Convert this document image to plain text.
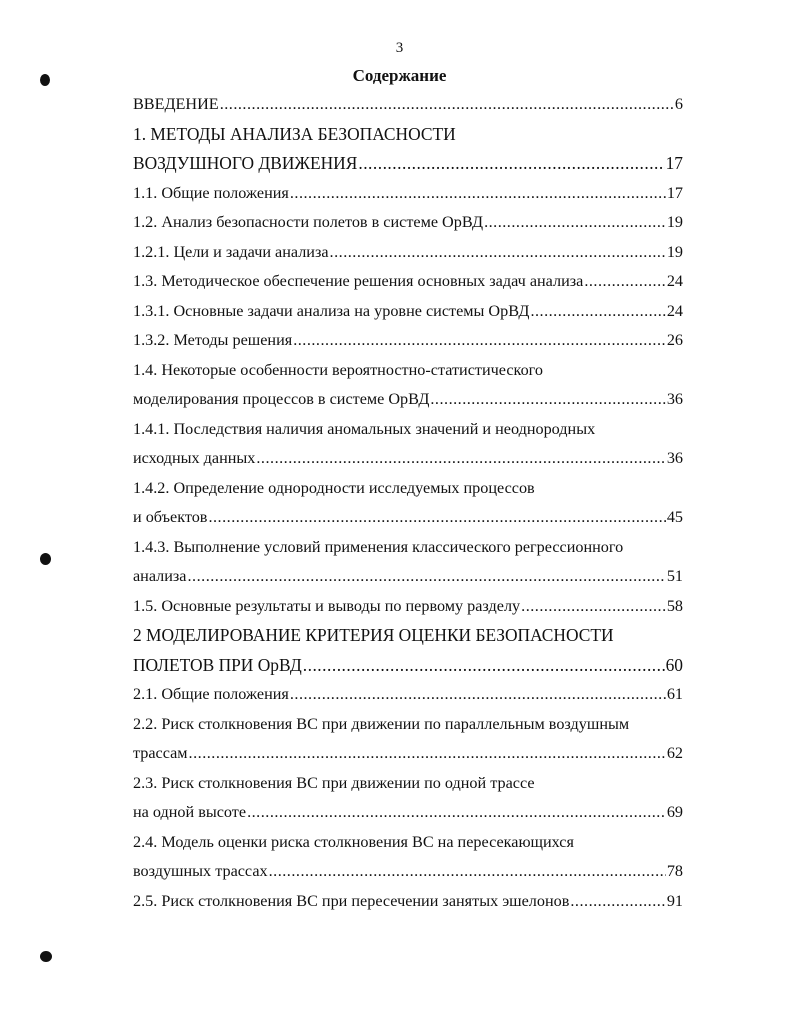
3
Содержание
ВВЕДЕНИЕ .....	6
1. МЕТОДЫ АНАЛИЗА БЕЗОПАСНОСТИ
ВОЗДУШНОГО ДВИЖЕНИЯ .....	17
1.1. Общие положения .....	17
1.2. Анализ безопасности полетов в системе ОрВД .....	19
1.2.1. Цели и задачи анализа .....	19
1.3. Методическое обеспечение решения основных задач анализа .....	24
1.3.1. Основные задачи анализа на уровне системы ОрВД .....	24
1.3.2. Методы решения .....	26
1.4. Некоторые особенности вероятностно-статистического
моделирования процессов в системе ОрВД .....	36
1.4.1. Последствия наличия аномальных значений и неоднородных
исходных данных .....	36
1.4.2. Определение однородности исследуемых процессов
и объектов .....	45
1.4.3. Выполнение условий применения классического регрессионного
анализа .....	51
1.5. Основные результаты и выводы по первому разделу .....	58
2 МОДЕЛИРОВАНИЕ КРИТЕРИЯ ОЦЕНКИ БЕЗОПАСНОСТИ
ПОЛЕТОВ ПРИ ОрВД .....	60
2.1. Общие положения .....	61
2.2. Риск столкновения ВС при движении по параллельным воздушным
трассам .....	62
2.3. Риск столкновения ВС при движении по одной трассе
на одной высоте .....	69
2.4. Модель оценки риска столкновения ВС на пересекающихся
воздушных трассах .....	78
2.5. Риск столкновения ВС при пересечении занятых эшелонов .....	91
